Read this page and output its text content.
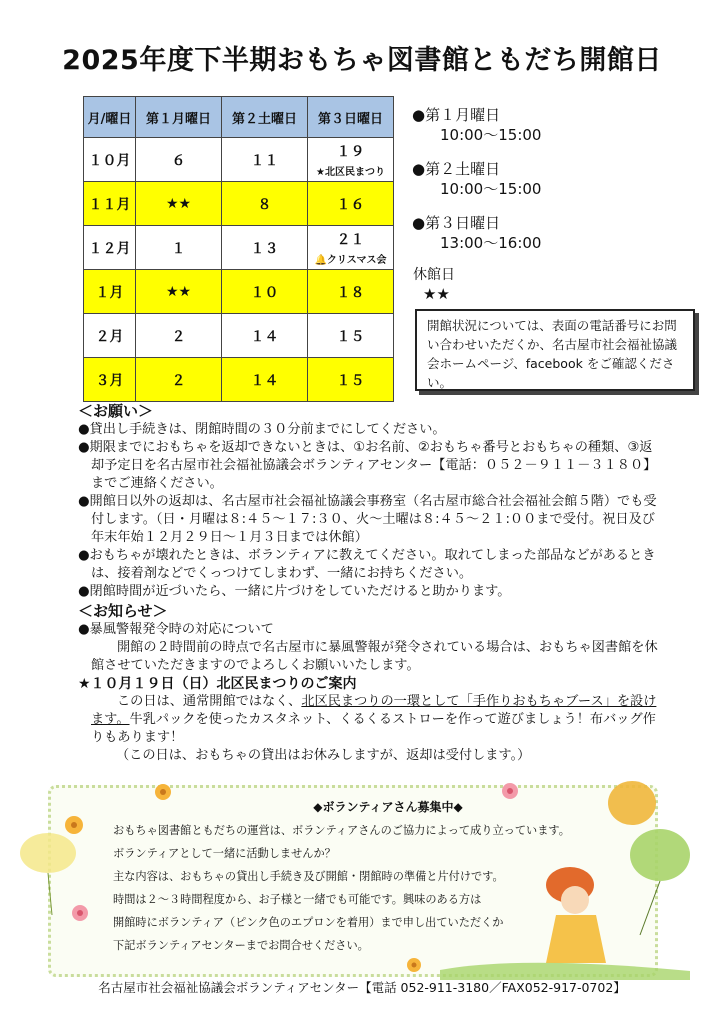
2025年度下半期おもちゃ図書館ともだち開館日
月/曜日	第１月曜日	第２土曜日	第３日曜日
１０月	６	１１	１９
★北区民まつり

１１月	★★	８	１６
１２月	１	１３	２１
🔔クリスマス会

１月	★★	１０	１８
２月	２	１４	１５
３月	２	１４	１５
●第１月曜日
10:00～15:00
●第２土曜日
10:00～15:00
●第３日曜日
13:00～16:00
休館日
★★
開館状況については、表面の電話番号にお問い合わせいただくか、名古屋市社会福祉協議会ホームページ、facebook をご確認ください。

＜お願い＞

●貸出し手続きは、閉館時間の３０分前までにしてください。

●期限までにおもちゃを返却できないときは、①お名前、②おもちゃ番号とおもちゃの種類、③返却予定日を名古屋市社会福祉協議会ボランティアセンター【電話：０５２－９１１－３１８０】までご連絡ください。

●開館日以外の返却は、名古屋市社会福祉協議会事務室（名古屋市総合社会福祉会館５階）でも受付します。（日・月曜は８:４５～１７:３０、火～土曜は８:４５～２１:００まで受付。祝日及び年末年始１２月２９日～１月３日までは休館）

●おもちゃが壊れたときは、ボランティアに教えてください。取れてしまった部品などがあるときは、接着剤などでくっつけてしまわず、一緒にお持ちください。

●閉館時間が近づいたら、一緒に片づけをしていただけると助かります。

＜お知らせ＞

●暴風警報発令時の対応について

開館の２時間前の時点で名古屋市に暴風警報が発令されている場合は、おもちゃ図書館を休館させていただきますのでよろしくお願いいたします。

★１０月１９日（日）北区民まつりのご案内

この日は、通常開館ではなく、北区民まつりの一環として「手作りおもちゃブース」を設けます。牛乳パックを使ったカスタネット、くるくるストローを作って遊びましょう！布バッグ作りもあります！

（この日は、おもちゃの貸出はお休みしますが、返却は受付します。）

◆ボランティアさん募集中◆
おもちゃ図書館ともだちの運営は、ボランティアさんのご協力によって成り立っています。
ボランティアとして一緒に活動しませんか？
主な内容は、おもちゃの貸出し手続き及び開館・閉館時の準備と片付けです。
時間は２～３時間程度から、お子様と一緒でも可能です。興味のある方は
開館時にボランティア（ピンク色のエプロンを着用）まで申し出ていただくか
下記ボランティアセンターまでお問合せください。
名古屋市社会福祉協議会ボランティアセンター【電話 052-911-3180／FAX052-917-0702】
